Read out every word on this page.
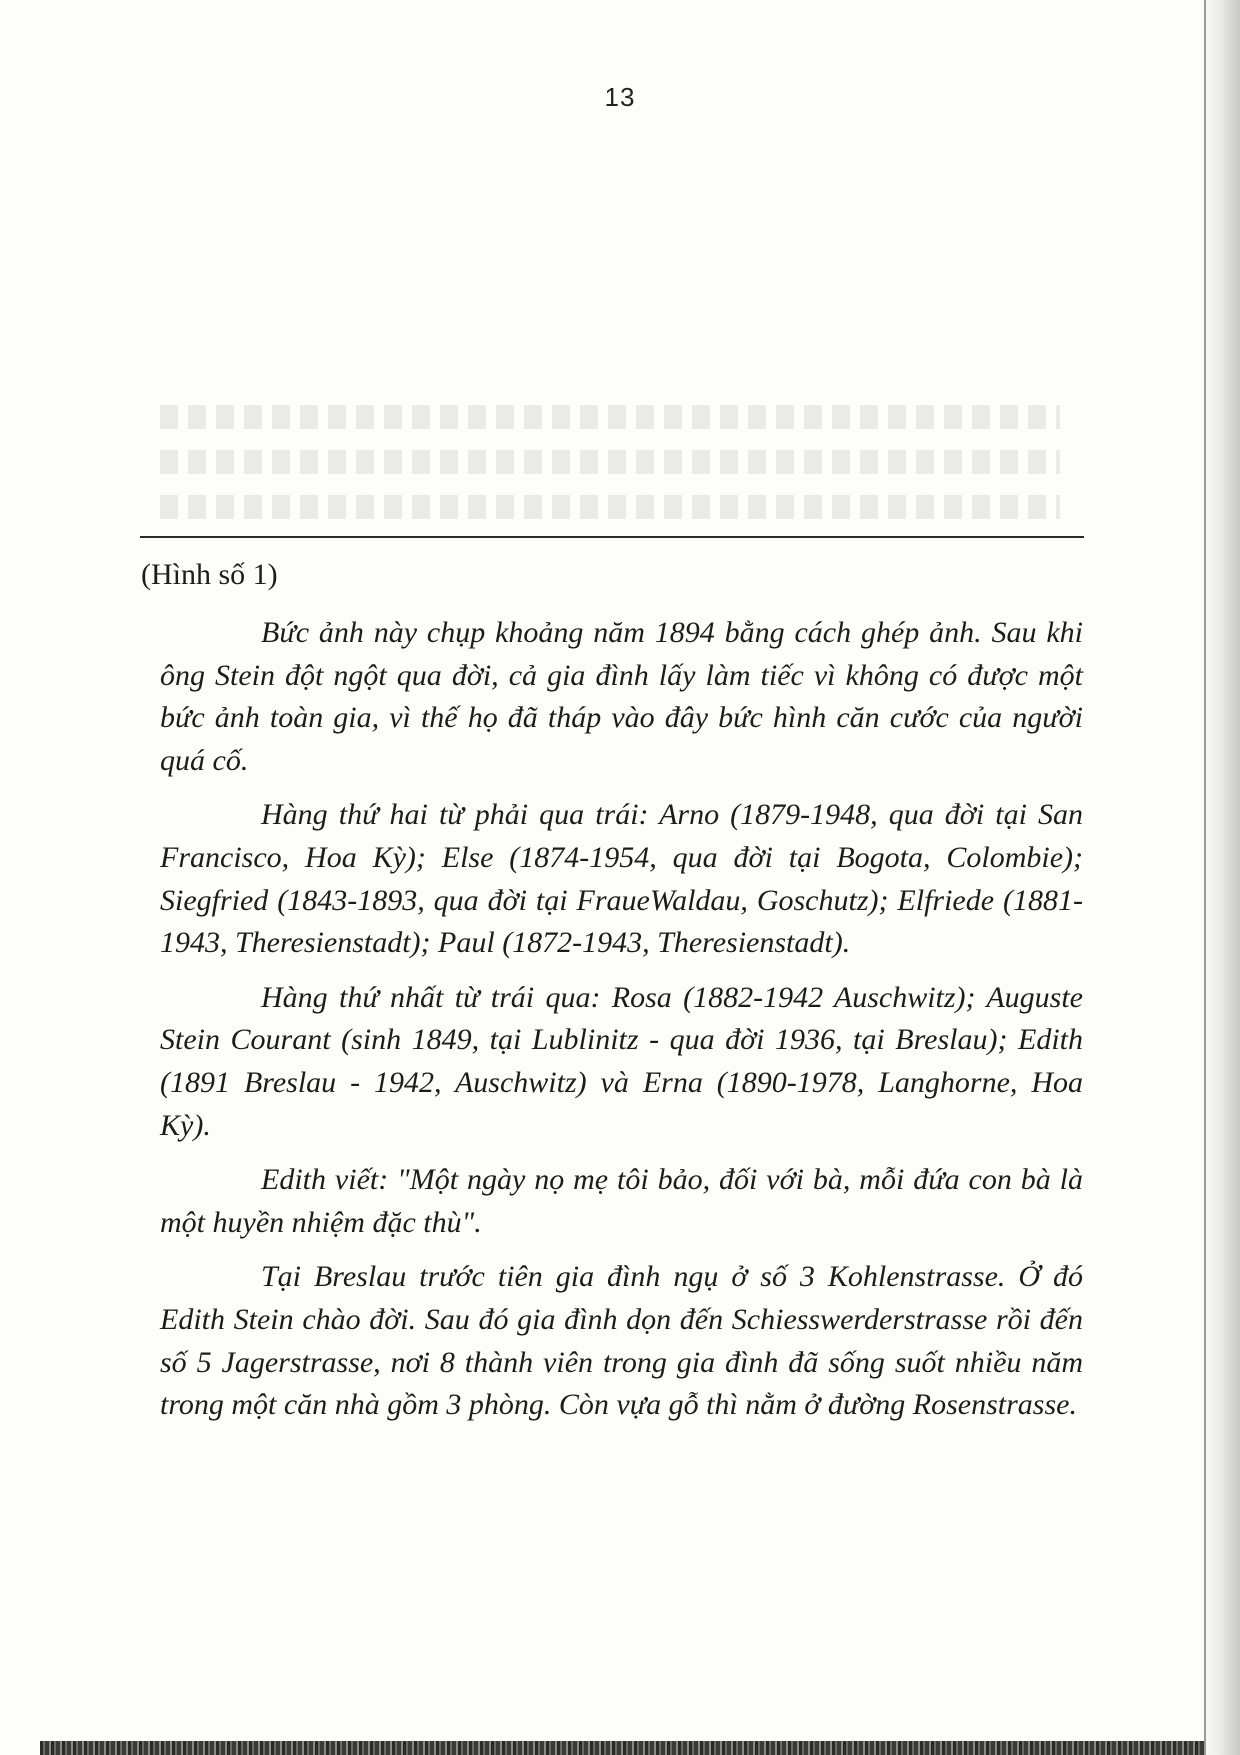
13
(Hình số 1)

Bức ảnh này chụp khoảng năm 1894 bằng cách ghép ảnh. Sau khi ông Stein đột ngột qua đời, cả gia đình lấy làm tiếc vì không có được một bức ảnh toàn gia, vì thế họ đã tháp vào đây bức hình căn cước của người quá cố.

Hàng thứ hai từ phải qua trái: Arno (1879-1948, qua đời tại San Francisco, Hoa Kỳ); Else (1874-1954, qua đời tại Bogota, Colombie); Siegfried (1843-1893, qua đời tại FraueWaldau, Goschutz); Elfriede (1881-1943, Theresienstadt); Paul (1872-1943, Theresienstadt).

Hàng thứ nhất từ trái qua: Rosa (1882-1942 Auschwitz); Auguste Stein Courant (sinh 1849, tại Lublinitz - qua đời 1936, tại Breslau); Edith (1891 Breslau - 1942, Auschwitz) và Erna (1890-1978, Langhorne, Hoa Kỳ).

Edith viết: "Một ngày nọ mẹ tôi bảo, đối với bà, mỗi đứa con bà là một huyền nhiệm đặc thù".

Tại Breslau trước tiên gia đình ngụ ở số 3 Kohlenstrasse. Ở đó Edith Stein chào đời. Sau đó gia đình dọn đến Schiesswerderstrasse rồi đến số 5 Jagerstrasse, nơi 8 thành viên trong gia đình đã sống suốt nhiều năm trong một căn nhà gồm 3 phòng. Còn vựa gỗ thì nằm ở đường Rosenstrasse.
